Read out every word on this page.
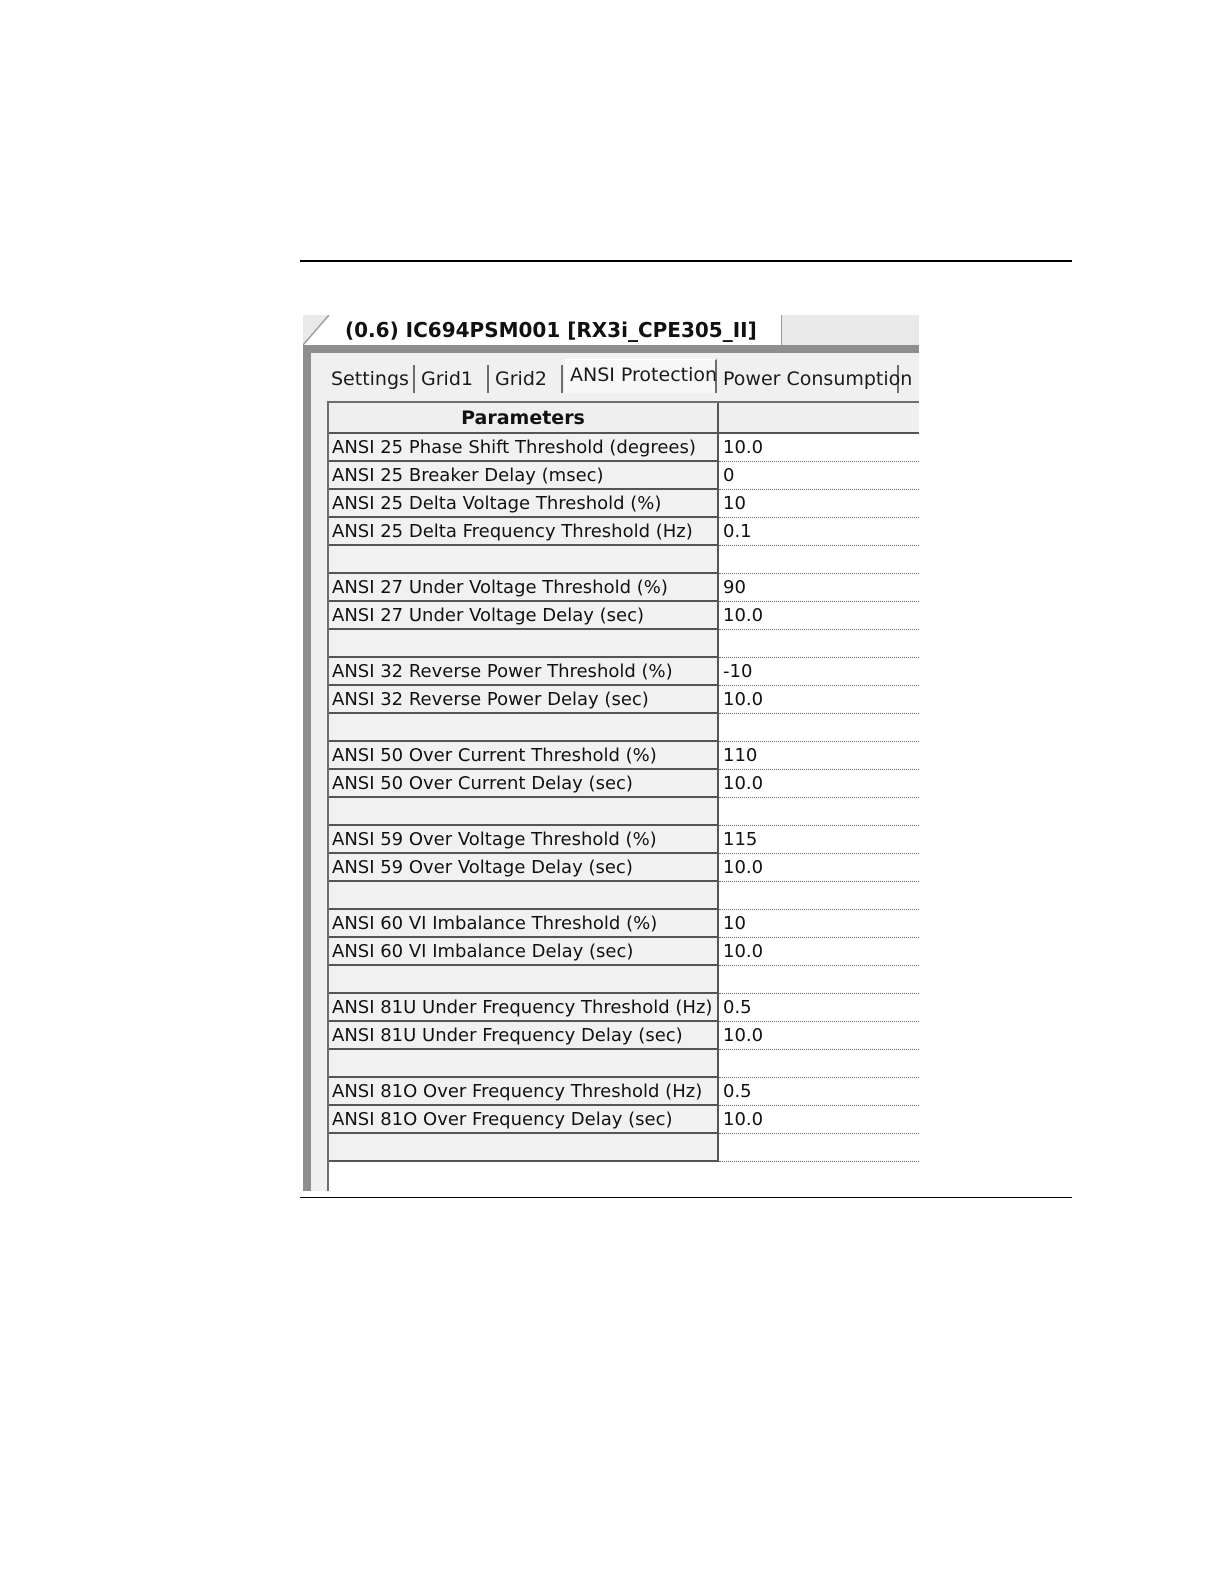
(0.6) IC694PSM001 [RX3i_CPE305_II]
Settings Grid1	Grid2	ANSI Protection Power Consumption
Parameters	
ANSI 25 Phase Shift Threshold (degrees)	10.0
ANSI 25 Breaker Delay (msec)	0
ANSI 25 Delta Voltage Threshold (%)	10
ANSI 25 Delta Frequency Threshold (Hz)	0.1

ANSI 27 Under Voltage Threshold (%)	90
ANSI 27 Under Voltage Delay (sec)	10.0

ANSI 32 Reverse Power Threshold (%)	-10
ANSI 32 Reverse Power Delay (sec)	10.0

ANSI 50 Over Current Threshold (%)	110
ANSI 50 Over Current Delay (sec)	10.0

ANSI 59 Over Voltage Threshold (%)	115
ANSI 59 Over Voltage Delay (sec)	10.0

ANSI 60 VI Imbalance Threshold (%)	10
ANSI 60 VI Imbalance Delay (sec)	10.0

ANSI 81U Under Frequency Threshold (Hz)	0.5
ANSI 81U Under Frequency Delay (sec)	10.0

ANSI 81O Over Frequency Threshold (Hz)	0.5
ANSI 81O Over Frequency Delay (sec)	10.0
